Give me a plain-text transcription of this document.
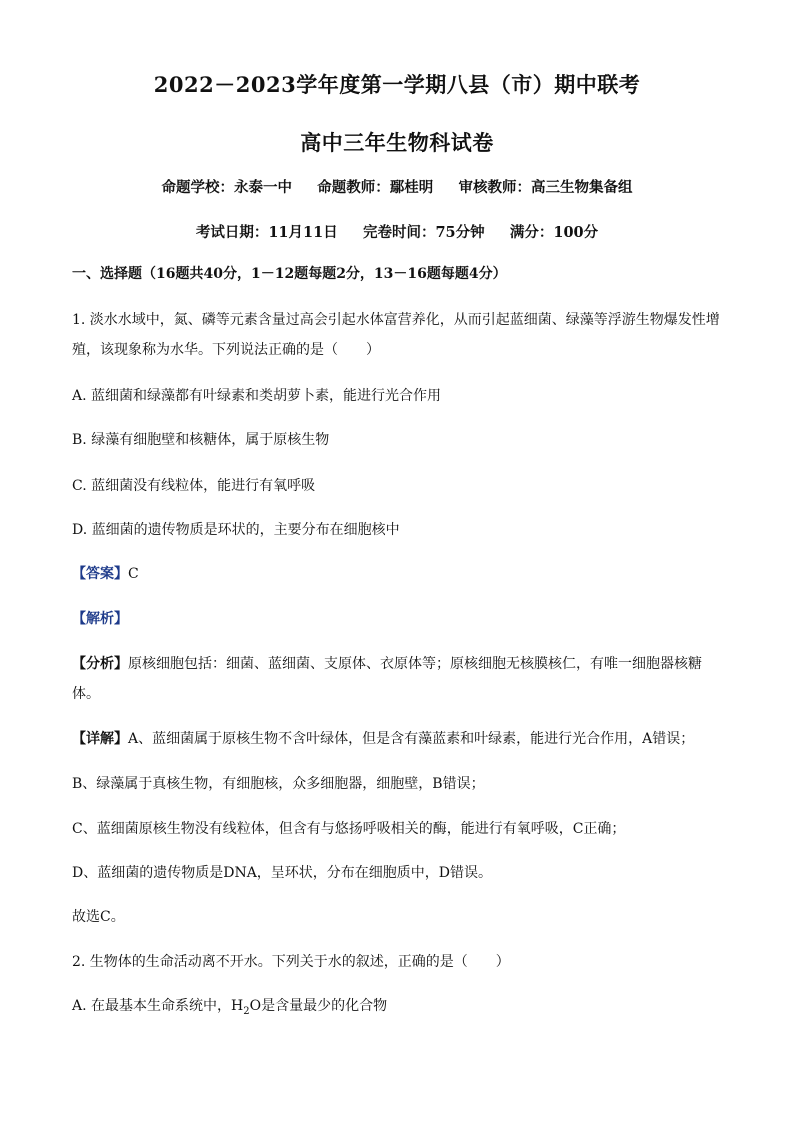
2022－2023学年度第一学期八县（市）期中联考
高中三年生物科试卷
命题学校：永泰一中     命题教师：鄢桂明     审核教师：高三生物集备组
考试日期：11月11日     完卷时间：75分钟     满分：100分
一、选择题（16题共40分，1－12题每题2分，13－16题每题4分）
1. 淡水水域中，氮、磷等元素含量过高会引起水体富营养化，从而引起蓝细菌、绿藻等浮游生物爆发性增
殖，该现象称为水华。下列说法正确的是（　　）
A. 蓝细菌和绿藻都有叶绿素和类胡萝卜素，能进行光合作用
B. 绿藻有细胞壁和核糖体，属于原核生物
C. 蓝细菌没有线粒体，能进行有氧呼吸
D. 蓝细菌的遗传物质是环状的，主要分布在细胞核中
【答案】C
【解析】
【分析】原核细胞包括：细菌、蓝细菌、支原体、衣原体等；原核细胞无核膜核仁，有唯一细胞器核糖
体。
【详解】A、蓝细菌属于原核生物不含叶绿体，但是含有藻蓝素和叶绿素，能进行光合作用，A错误；
B、绿藻属于真核生物，有细胞核，众多细胞器，细胞壁，B错误；
C、蓝细菌原核生物没有线粒体，但含有与悠扬呼吸相关的酶，能进行有氧呼吸，C正确；
D、蓝细菌的遗传物质是DNA，呈环状，分布在细胞质中，D错误。
故选C。
2. 生物体的生命活动离不开水。下列关于水的叙述，正确的是（　　）
A. 在最基本生命系统中，$H_2O$是含量最少的化合物
